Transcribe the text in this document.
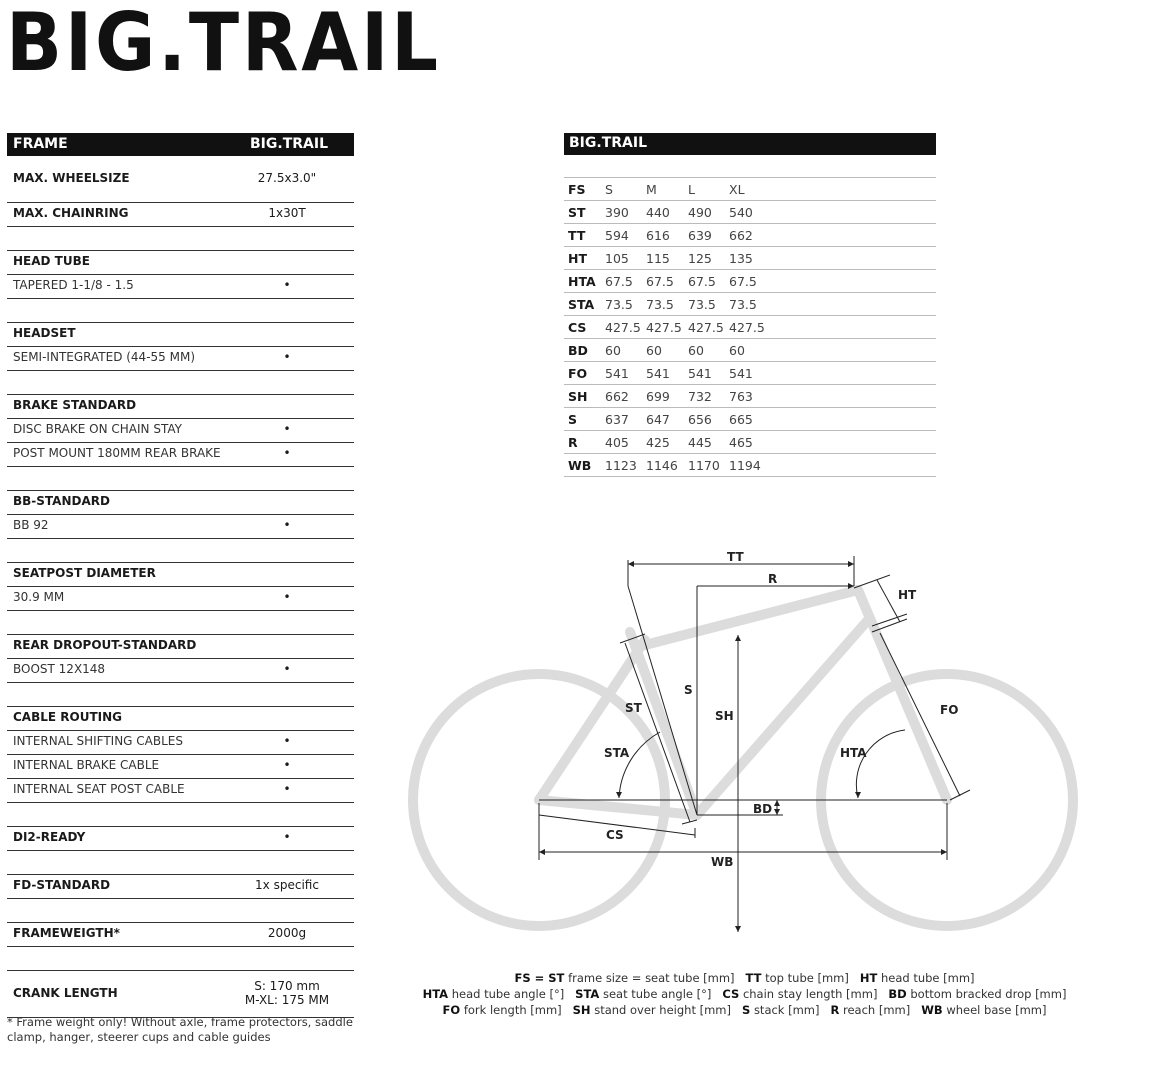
BIG.TRAIL
FRAME	BIG.TRAIL
MAX. WHEELSIZE	27.5x3.0"
MAX. CHAINRING	1x30T
HEAD TUBE
TAPERED 1-1/8 - 1.5	•
HEADSET
SEMI-INTEGRATED (44-55 MM)	•
BRAKE STANDARD
DISC BRAKE ON CHAIN STAY	•
POST MOUNT 180MM REAR BRAKE	•
BB-STANDARD
BB 92	•
SEATPOST DIAMETER
30.9 MM	•
REAR DROPOUT-STANDARD
BOOST 12X148	•
CABLE ROUTING
INTERNAL SHIFTING CABLES	•
INTERNAL BRAKE CABLE	•
INTERNAL SEAT POST CABLE	•
DI2-READY	•
FD-STANDARD	1x specific
FRAMEWEIGTH*	2000g
CRANK LENGTH	S: 170 mm
M-XL: 175 MM
* Frame weight only! Without axle, frame protectors, saddle clamp, hanger, steerer cups and cable guides
BIG.TRAIL
FS S	M L	XL
ST 390 440 490 540
TT 594 616 639 662
HT 105 115 125 135
HTA 67.5 67.5 67.5 67.5
STA 73.5 73.5 73.5 73.5
CS 427.5 427.5 427.5 427.5
BD 60 60 60 60
FO 541 541 541 541
SH 662 699 732 763
S 637 647 656 665
R 405 425 445 465
WB 1123 1146 1170 1194
TT
R
HT
S
ST
SH	FO
STA	HTA
BD
CS
WB
FS = ST frame size = seat tube [mm] TT top tube [mm] HT head tube [mm]
HTA head tube angle [°] STA seat tube angle [°] CS chain stay length [mm] BD bottom bracked drop [mm]
FO fork length [mm] SH stand over height [mm] S stack [mm] R reach [mm] WB wheel base [mm]
